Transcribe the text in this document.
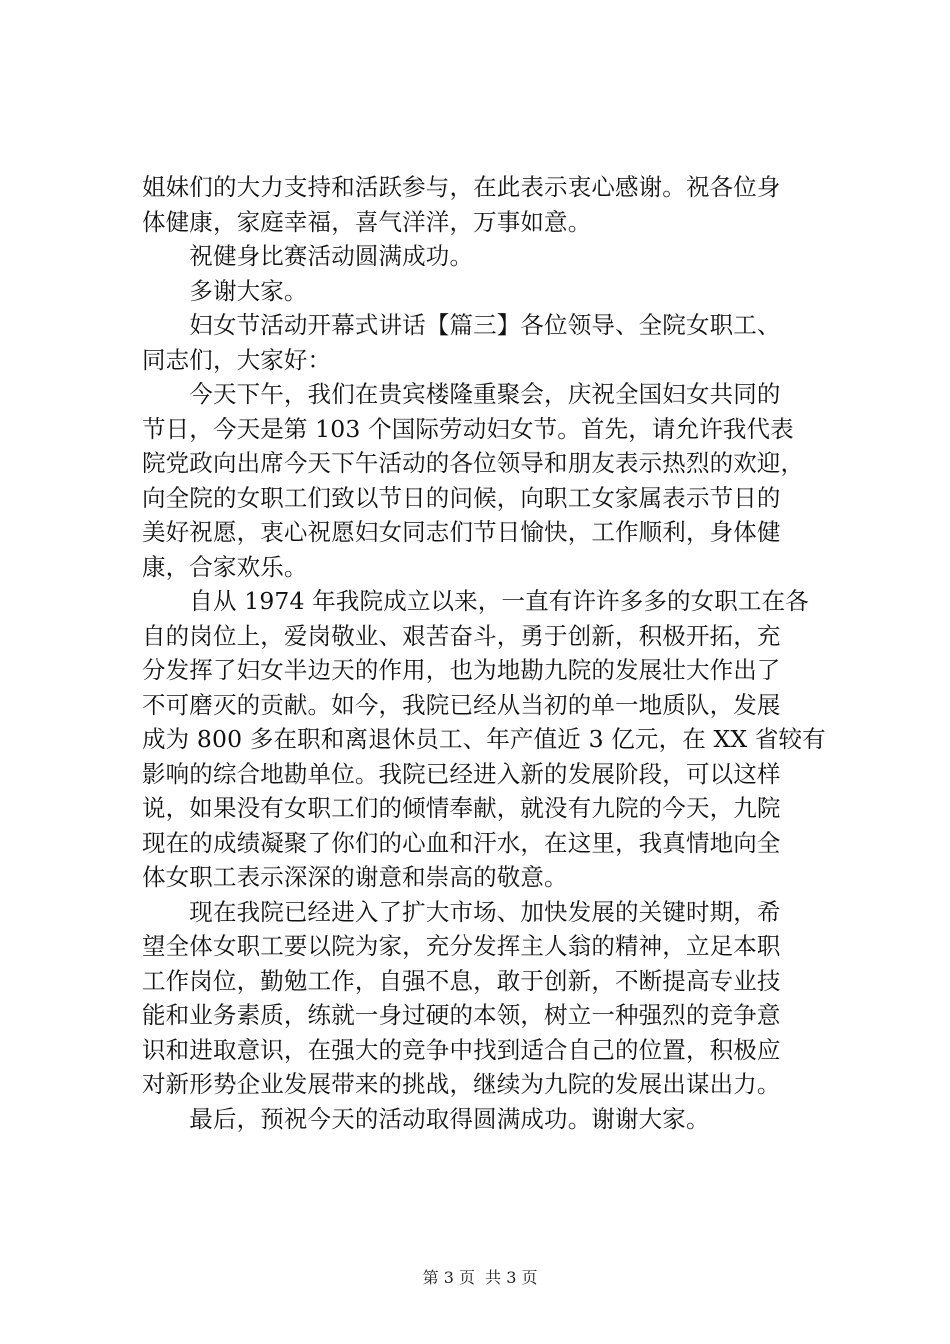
姐妹们的大力支持和活跃参与，在此表示衷心感谢。祝各位身
体健康，家庭幸福，喜气洋洋，万事如意。
　　祝健身比赛活动圆满成功。
　　多谢大家。
　　妇女节活动开幕式讲话【篇三】各位领导、全院女职工、
同志们，大家好：
　　今天下午，我们在贵宾楼隆重聚会，庆祝全国妇女共同的
节日，今天是第 103 个国际劳动妇女节。首先，请允许我代表
院党政向出席今天下午活动的各位领导和朋友表示热烈的欢迎，
向全院的女职工们致以节日的问候，向职工女家属表示节日的
美好祝愿，衷心祝愿妇女同志们节日愉快，工作顺利，身体健
康，合家欢乐。
　　自从 1974 年我院成立以来，一直有许许多多的女职工在各
自的岗位上，爱岗敬业、艰苦奋斗，勇于创新，积极开拓，充
分发挥了妇女半边天的作用，也为地勘九院的发展壮大作出了
不可磨灭的贡献。如今，我院已经从当初的单一地质队，发展
成为 800 多在职和离退休员工、年产值近 3 亿元，在 XX 省较有
影响的综合地勘单位。我院已经进入新的发展阶段，可以这样
说，如果没有女职工们的倾情奉献，就没有九院的今天，九院
现在的成绩凝聚了你们的心血和汗水，在这里，我真情地向全
体女职工表示深深的谢意和崇高的敬意。
　　现在我院已经进入了扩大市场、加快发展的关键时期，希
望全体女职工要以院为家，充分发挥主人翁的精神，立足本职
工作岗位，勤勉工作，自强不息，敢于创新，不断提高专业技
能和业务素质，练就一身过硬的本领，树立一种强烈的竞争意
识和进取意识，在强大的竞争中找到适合自己的位置，积极应
对新形势企业发展带来的挑战，继续为九院的发展出谋出力。
　　最后，预祝今天的活动取得圆满成功。谢谢大家。

第 3 页  共 3 页
